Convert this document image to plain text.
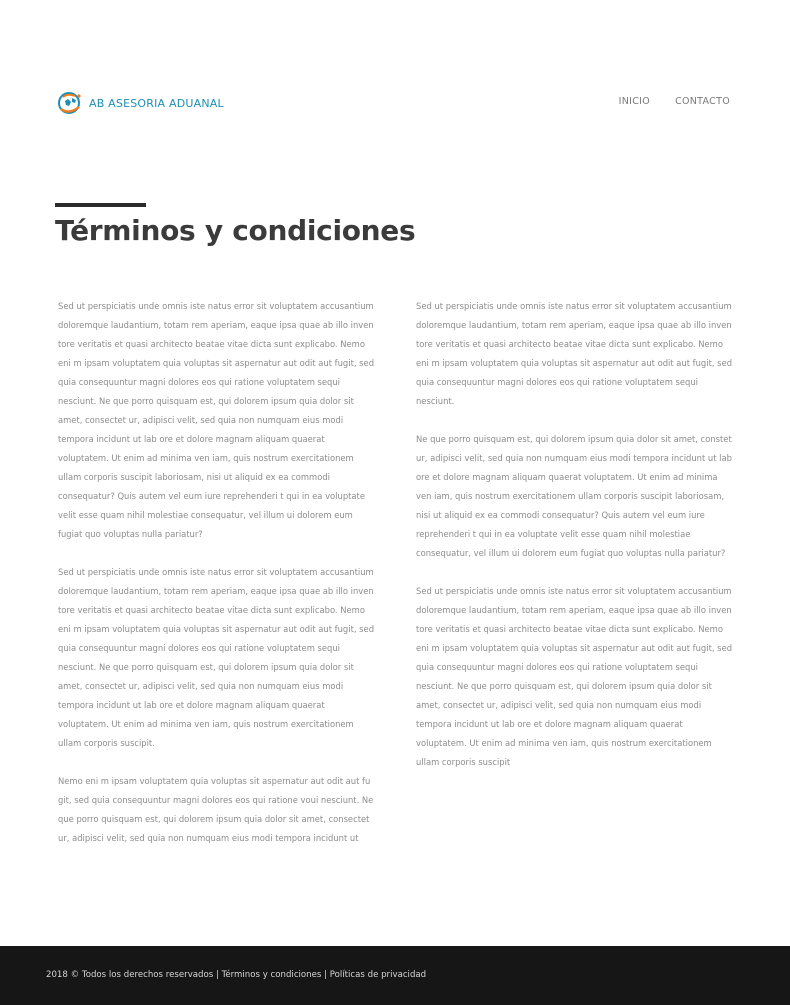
AB ASESORIA ADUANAL	INICIO	CONTACTO
Términos y condiciones

Sed ut perspiciatis unde omnis iste natus error sit voluptatem accusantium doloremque laudantium, totam rem aperiam, eaque ipsa quae ab illo inven tore veritatis et quasi architecto beatae vitae dicta sunt explicabo. Nemo eni m ipsam voluptatem quia voluptas sit aspernatur aut odit aut fugit, sed quia consequuntur magni dolores eos qui ratione voluptatem sequi nesciunt. Ne que porro quisquam est, qui dolorem ipsum quia dolor sit amet, consectet ur, adipisci velit, sed quia non numquam eius modi tempora incidunt ut lab ore et dolore magnam aliquam quaerat voluptatem. Ut enim ad minima ven iam, quis nostrum exercitationem ullam corporis suscipit laboriosam, nisi ut aliquid ex ea commodi consequatur? Quis autem vel eum iure reprehenderi t qui in ea voluptate velit esse quam nihil molestiae consequatur, vel illum ui dolorem eum fugiat quo voluptas nulla pariatur?

Sed ut perspiciatis unde omnis iste natus error sit voluptatem accusantium doloremque laudantium, totam rem aperiam, eaque ipsa quae ab illo inven tore veritatis et quasi architecto beatae vitae dicta sunt explicabo. Nemo eni m ipsam voluptatem quia voluptas sit aspernatur aut odit aut fugit, sed quia consequuntur magni dolores eos qui ratione voluptatem sequi nesciunt. Ne que porro quisquam est, qui dolorem ipsum quia dolor sit amet, consectet ur, adipisci velit, sed quia non numquam eius modi tempora incidunt ut lab ore et dolore magnam aliquam quaerat voluptatem. Ut enim ad minima ven iam, quis nostrum exercitationem ullam corporis suscipit.

Nemo eni m ipsam voluptatem quia voluptas sit aspernatur aut odit aut fu git, sed quia consequuntur magni dolores eos qui ratione voui nesciunt. Ne que porro quisquam est, qui dolorem ipsum quia dolor sit amet, consectet ur, adipisci velit, sed quia non numquam eius modi tempora incidunt ut

Sed ut perspiciatis unde omnis iste natus error sit voluptatem accusantium doloremque laudantium, totam rem aperiam, eaque ipsa quae ab illo inven tore veritatis et quasi architecto beatae vitae dicta sunt explicabo. Nemo eni m ipsam voluptatem quia voluptas sit aspernatur aut odit aut fugit, sed quia consequuntur magni dolores eos qui ratione voluptatem sequi nesciunt.

Ne que porro quisquam est, qui dolorem ipsum quia dolor sit amet, constet ur, adipisci velit, sed quia non numquam eius modi tempora incidunt ut lab ore et dolore magnam aliquam quaerat voluptatem. Ut enim ad minima ven iam, quis nostrum exercitationem ullam corporis suscipit laboriosam, nisi ut aliquid ex ea commodi consequatur? Quis autem vel eum iure reprehenderi t qui in ea voluptate velit esse quam nihil molestiae consequatur, vel illum ui dolorem eum fugiat quo voluptas nulla pariatur?

Sed ut perspiciatis unde omnis iste natus error sit voluptatem accusantium doloremque laudantium, totam rem aperiam, eaque ipsa quae ab illo inven tore veritatis et quasi architecto beatae vitae dicta sunt explicabo. Nemo eni m ipsam voluptatem quia voluptas sit aspernatur aut odit aut fugit, sed quia consequuntur magni dolores eos qui ratione voluptatem sequi nesciunt. Ne que porro quisquam est, qui dolorem ipsum quia dolor sit amet, consectet ur, adipisci velit, sed quia non numquam eius modi tempora incidunt ut lab ore et dolore magnam aliquam quaerat voluptatem. Ut enim ad minima ven iam, quis nostrum exercitationem ullam corporis suscipit

2018 © Todos los derechos reservados | Términos y condiciones | Políticas de privacidad
